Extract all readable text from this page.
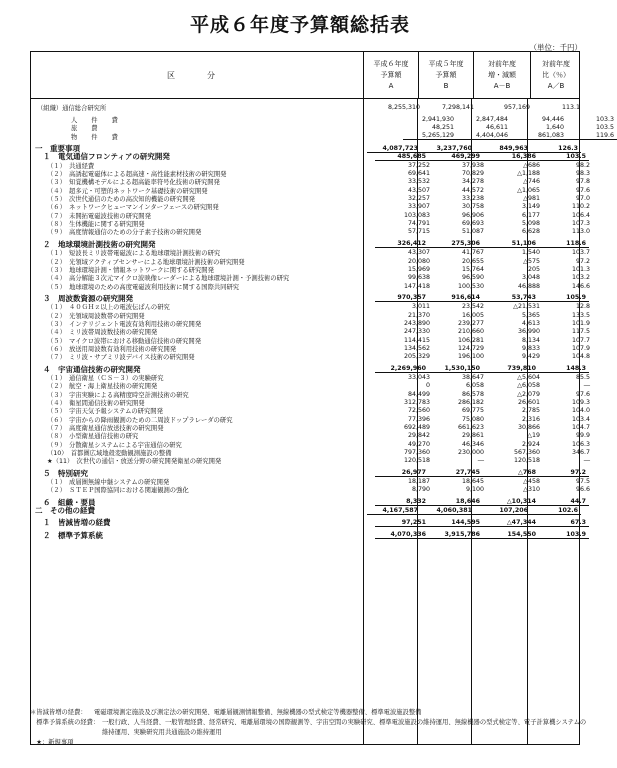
平成６年度予算額総括表
（単位：千円）
区　分
平成６年度
予算額
A
平成５年度
予算額
B
対前年度
増・減額
A－B
対前年度
比（％）
A／B
（組織）通信総合研究所	8,255,310	7,298,141	957,169	113.1
人件費	2,941,930	2,847,484	94,446	103.3
旅費	48,251	46,611	1,640	103.5
物件費	5,265,129	4,404,046	861,083	119.6
一　重要事項	4,087,723	3,237,760	849,963	126.3
１　電気通信フロンティアの研究開発	485,685	469,299	16,386	103.5
（１）　共通経費	37,252	37,938	△686	98.2
（２）　高誘起電磁体による超高速・高性能素材技術の研究開発	69,641	70,829	△1,188	98.3
（３）　知覚機構モデルによる超高能率符号化技術の研究開発	33,532	34,278	△746	97.8
（４）　超多元・可塑的ネットワーク基礎技術の研究開発	43,507	44,572	△1,065	97.6
（５）　次世代通信のための高次知的機能の研究開発	32,257	33,238	△981	97.0
（６）　ネットワークヒューマンインターフェースの研究開発	33,907	30,758	3,149	110.2
（７）　未開拓電磁波技術の研究開発	103,083	96,906	6,177	106.4
（８）　生体機能に関する研究開発	74,791	69,693	5,098	107.3
（９）　高度情報通信のための分子素子技術の研究開発	57,715	51,087	6,628	113.0
２　地球環境計測技術の研究開発	326,412	275,306	51,106	118.6
（１）　短波長ミリ波帯電磁波による地球環境計測技術の研究	43,307	41,767	1,540	103.7
（２）　光領域アクティブセンサーによる地球環境計測技術の研究開発	20,080	20,655	△575	97.2
（３）　地球環境計測・情報ネットワークに関する研究開発	15,969	15,764	205	101.3
（４）　高分解能３次元マイクロ波映像レーダーによる地球環境計測・予測技術の研究	99,638	96,590	3,048	103.2
（５）　地球環境のための高度電磁波利用技術に関する国際共同研究	147,418	100,530	46,888	146.6
３　周波数資源の研究開発	970,357	916,614	53,743	105.9
（１）　４０ＧＨｚ以上の電波伝ぱんの研究	3,011	23,542	△21,531	12.8
（２）　光領域周波数帯の研究開発	21,370	16,005	5,365	133.5
（３）　インテリジェント電波有効利用技術の研究開発	243,890	239,277	4,613	101.9
（４）　ミリ波帯周波数技術の研究開発	247,330	210,660	36,990	117.5
（５）　マイクロ波帯における移動通信技術の研究開発	114,415	106,281	8,134	107.7
（６）　放送用周波数有効利用技術の研究開発	134,562	124,729	9,833	107.9
（７）　ミリ波・サブミリ波デバイス技術の研究開発	205,329	196,100	9,429	104.8
４　宇宙通信技術の研究開発	2,269,960	1,530,150	739,810	148.3
（１）　通信衛星（ＣＳ－３）の実験研究	33,043	38,647	△5,604	85.5
（２）　航空・海上衛星技術の研究開発	0	6,058	△6,058	―
（３）　宇宙実験による高精度時空計測技術の研究	84,499	86,578	△2,079	97.6
（４）　衛星間通信技術の研究開発	312,783	286,182	26,601	109.3
（５）　宇宙天気予報システムの研究開発	72,560	69,775	2,785	104.0
（６）　宇宙からの降雨観測のための二周波ドップラレーダの研究	77,396	75,080	2,316	103.4
（７）　高度衛星通信放送技術の研究開発	692,489	661,623	30,866	104.7
（８）　小型衛星通信技術の研究	29,842	29,861	△19	99.9
（９）　分散衛星システムによる宇宙通信の研究	49,270	46,346	2,924	106.3
（10）　首都圏広域地殻変動観測施設の整備	797,360	230,000	567,360	346.7
★（11）　次世代の通信・放送分野の研究開発衛星の研究開発	120,518	―	120,518	―
５　特別研究	26,977	27,745	△768	97.2
（１）　成層圏無線中継システムの研究開発	18,187	18,645	△458	97.5
（２）　ＳＴＥＰ国際協同における関連観測の強化	8,790	9,100	△310	96.6
６　組織・要員	8,332	18,646	△10,314	44.7
二　その他の経費	4,167,587	4,060,381	107,206	102.6
１　皆減皆増の経費	97,251	144,595	△47,344	67.3
２　標準予算系統	4,070,336	3,915,786	154,550	103.9
＊皆減皆増の経費：	電磁環境測定施設及び測定法の研究開発、電離層観測情報整備、無線機器の型式検定等機器整備、標準電波施設整備
　標準予算系統の経費： 一般行政、人当経費、一般管理経費、経常研究、電離層環境の国際観測等、宇宙空間の実験研究、標準電波施設の維持運用、無線機器の型式検定等、電子計算機システムの維持運用、実験研究用共通施設の維持運用
　★：新規事項
